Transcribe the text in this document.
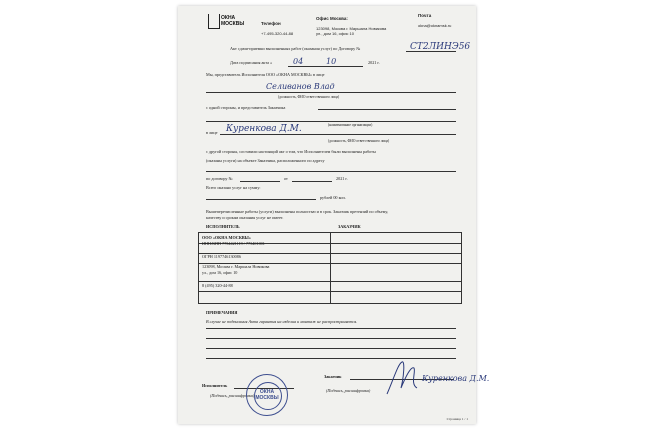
ОКНА
МОСКВЫ	Телефон

+7-495-320-44-88
Офис Москва:

123098, Москва г. Маршала Новикова
ул., дом 16, офис 10
Почта

okna@oknamsk.ru
Акт сдачи-приемки выполненных работ (оказания услуг) по Договору №	СТ2ЛИНЭ56
Дата подписания акта «	04	10	2021 г.
Мы, представитель Исполнителя ООО «ОКНА МОСКВЫ» в лице
Селиванов Влад
(должность, ФИО ответственного лица)
с одной стороны, и представитель Заказчика
(наименование организации)
в лице Куренкова Д.М.
(должность, ФИО ответственного лица)
с другой стороны, составили настоящий акт о том, что Исполнителем были выполнены работы
(оказаны услуги) на объекте Заказчика, расположенного по адресу
по договору №	от	2021 г.
Всего оказано услуг на сумму:
рублей 00 коп.
Вышеперечисленные работы (услуги) выполнены полностью и в срок. Заказчик претензий по объему,
качеству и срокам оказания услуг не имеет.
ИСПОЛНИТЕЛЬ	ЗАКАЗЧИК
ООО «ОКНА МОСКВЫ»
ИНН/КПП 7734421119 / 773401001
ОГРН 1197746130086
123098, Москва г. Маршала Новикова
ул., дом 16, офис 10
8 (495) 320-44-88
ПРИМЕЧАНИЯ
В случае не подписания Акта гарантия на изделия и монтаж не распространяется.
Исполнитель
(Подпись, расшифровка)
Заказчик
(Подпись, расшифровка)
Куренкова Д.М.
ОКНА
МОСКВЫ
Страница 1 / 1
